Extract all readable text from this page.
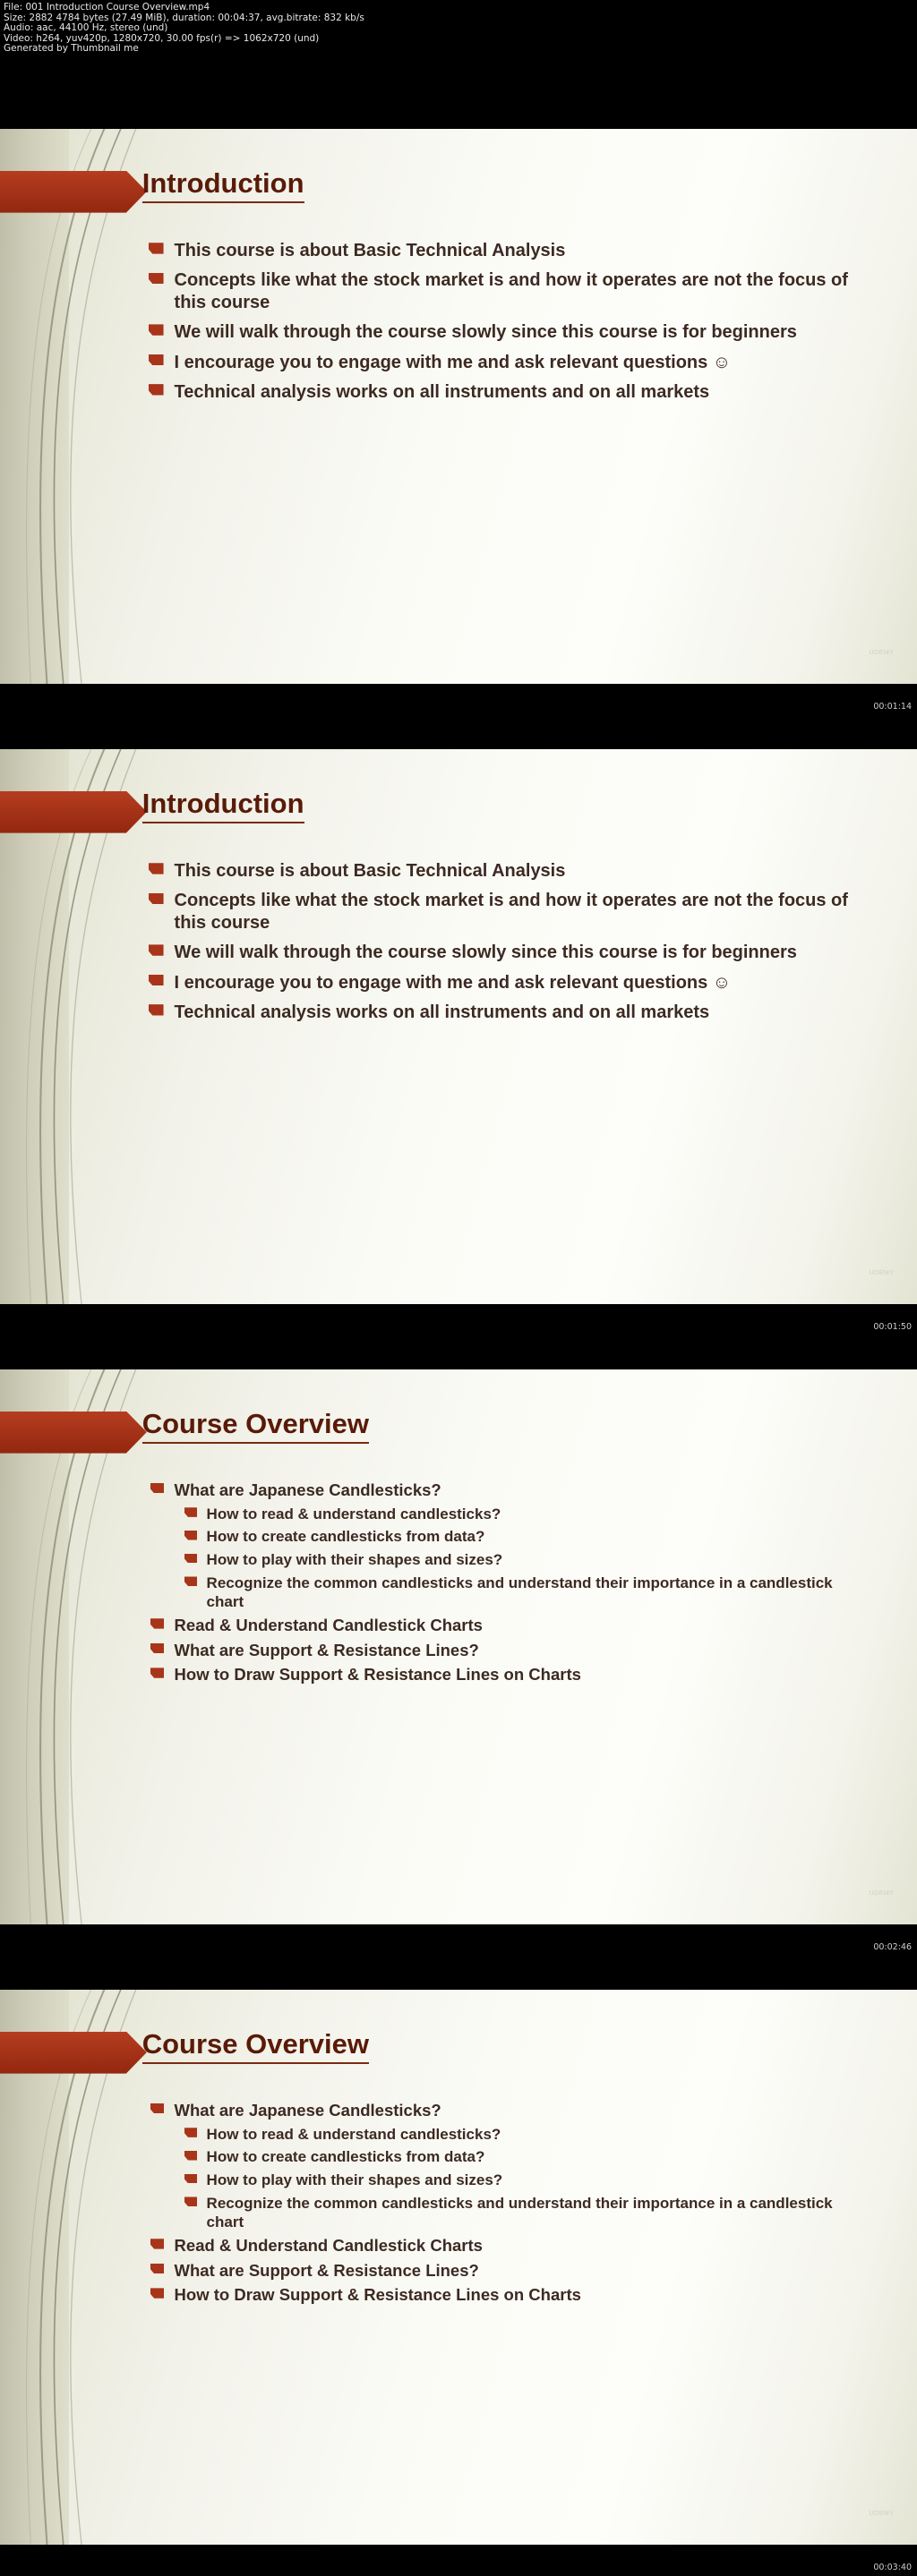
File: 001 Introduction Course Overview.mp4
Size: 2882 4784 bytes (27.49 MiB), duration: 00:04:37, avg.bitrate: 832 kb/s
Audio: aac, 44100 Hz, stereo (und)
Video: h264, yuv420p, 1280x720, 30.00 fps(r) => 1062x720 (und)
Generated by Thumbnail me
Introduction
This course is about Basic Technical Analysis
Concepts like what the stock market is and how it operates are not the focus of this course
We will walk through the course slowly since this course is for beginners
I encourage you to engage with me and ask relevant questions ☺
Technical analysis works on all instruments and on all markets
UDEMY
00:01:14
Introduction
This course is about Basic Technical Analysis
Concepts like what the stock market is and how it operates are not the focus of this course
We will walk through the course slowly since this course is for beginners
I encourage you to engage with me and ask relevant questions ☺
Technical analysis works on all instruments and on all markets
UDEMY
00:01:50
Course Overview
What are Japanese Candlesticks?
How to read & understand candlesticks?
How to create candlesticks from data?
How to play with their shapes and sizes?
Recognize the common candlesticks and understand their importance in a candlestick chart
Read & Understand Candlestick Charts
What are Support & Resistance Lines?
How to Draw Support & Resistance Lines on Charts
UDEMY
00:02:46
Course Overview
What are Japanese Candlesticks?
How to read & understand candlesticks?
How to create candlesticks from data?
How to play with their shapes and sizes?
Recognize the common candlesticks and understand their importance in a candlestick chart
Read & Understand Candlestick Charts
What are Support & Resistance Lines?
How to Draw Support & Resistance Lines on Charts
UDEMY
00:03:40
